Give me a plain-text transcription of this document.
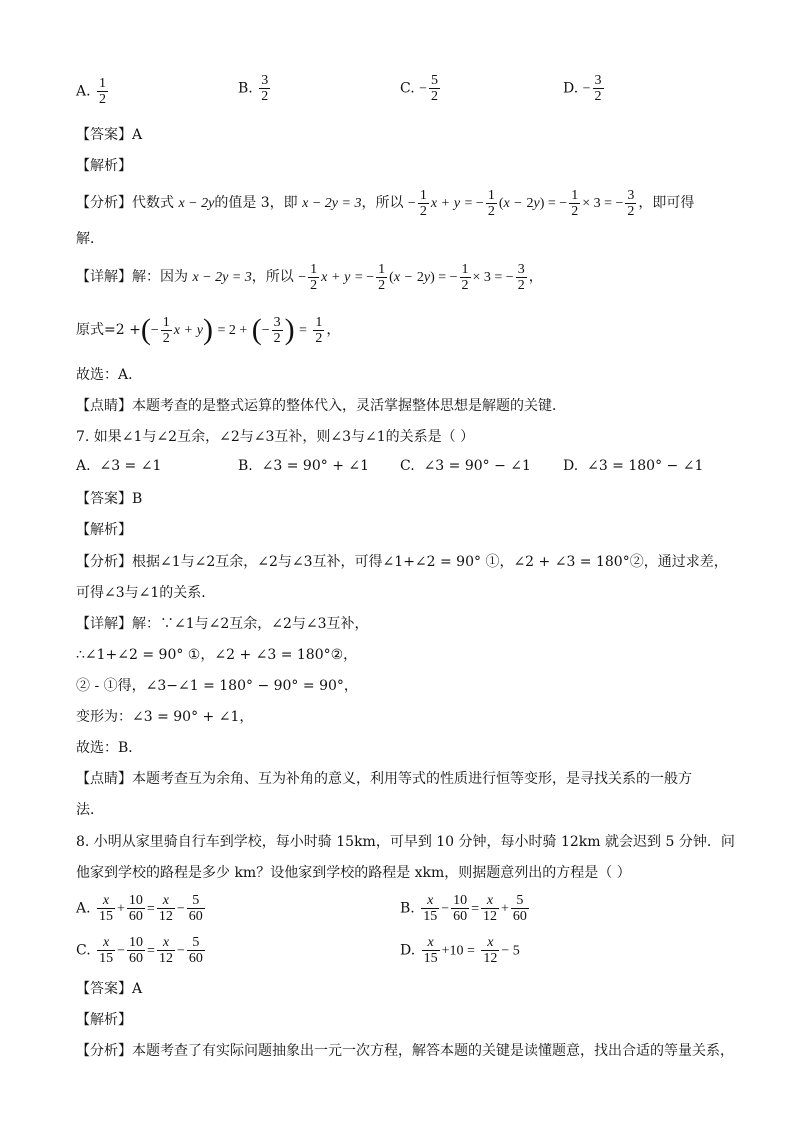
A. $\frac{1}{2}$	B. $\frac{3}{2}$	C. − $\frac{5}{2}$	D. − $\frac{3}{2}$
【答案】A
【解析】
【分析】代数式 x − 2y的值是 3，即 x − 2y = 3，所以 − $\frac{1}{2}$ x + y = − $\frac{1}{2} (x - 2y)$ = − $\frac{1}{2} \times 3$ = − $\frac{3}{2}$ ，即可得
解．
【详解】解：因为 x − 2y = 3，所以 − $\frac{1}{2}$ x + y = − $\frac{1}{2} (x - 2y)$ = − $\frac{1}{2} \times 3$ = − $\frac{3}{2}$ ，
原式=2 +(− $\frac{1}{2}$ x + y) = 2 + (− $\frac{3}{2}$ ) = $\frac{1}{2}$ ，
故选：A．
【点睛】本题考查的是整式运算的整体代入，灵活掌握整体思想是解题的关键．
7. 如果∠1与∠2互余，∠2与∠3互补，则∠3与∠1的关系是（ ）
A. ∠3 = ∠1	B. ∠3 = 90° + ∠1 C. ∠3 = 90° − ∠1 D. ∠3 = 180° − ∠1
【答案】B
【解析】
【分析】根据∠1与∠2互余，∠2与∠3互补，可得∠1+∠2 = 90° ①，∠2 + ∠3 = 180°②，通过求差，
可得∠3与∠1的关系．
【详解】解：∵∠1与∠2互余，∠2与∠3互补，
∴∠1+∠2 = 90° ①，∠2 + ∠3 = 180°②，
② - ①得，∠3−∠1 = 180° − 90° = 90°，
变形为：∠3 = 90° + ∠1，
故选：B．
【点睛】本题考查互为余角、互为补角的意义，利用等式的性质进行恒等变形，是寻找关系的一般方
法．
8. 小明从家里骑自行车到学校，每小时骑 15km，可早到 10 分钟，每小时骑 12km 就会迟到 5 分钟．问
他家到学校的路程是多少 km？设他家到学校的路程是 xkm，则据题意列出的方程是（ ）
A. $\frac{x}{15} + \frac{10}{60} = \frac{x}{12} - \frac{5}{60}$	B. $\frac{x}{15} - \frac{10}{60} = \frac{x}{12} + \frac{5}{60}$
C. $\frac{x}{15} - \frac{10}{60} = \frac{x}{12} - \frac{5}{60}$	D. $\frac{x}{15} +10 = \frac{x}{12} - 5$
【答案】A
【解析】
【分析】本题考查了有实际问题抽象出一元一次方程，解答本题的关键是读懂题意，找出合适的等量关系，
